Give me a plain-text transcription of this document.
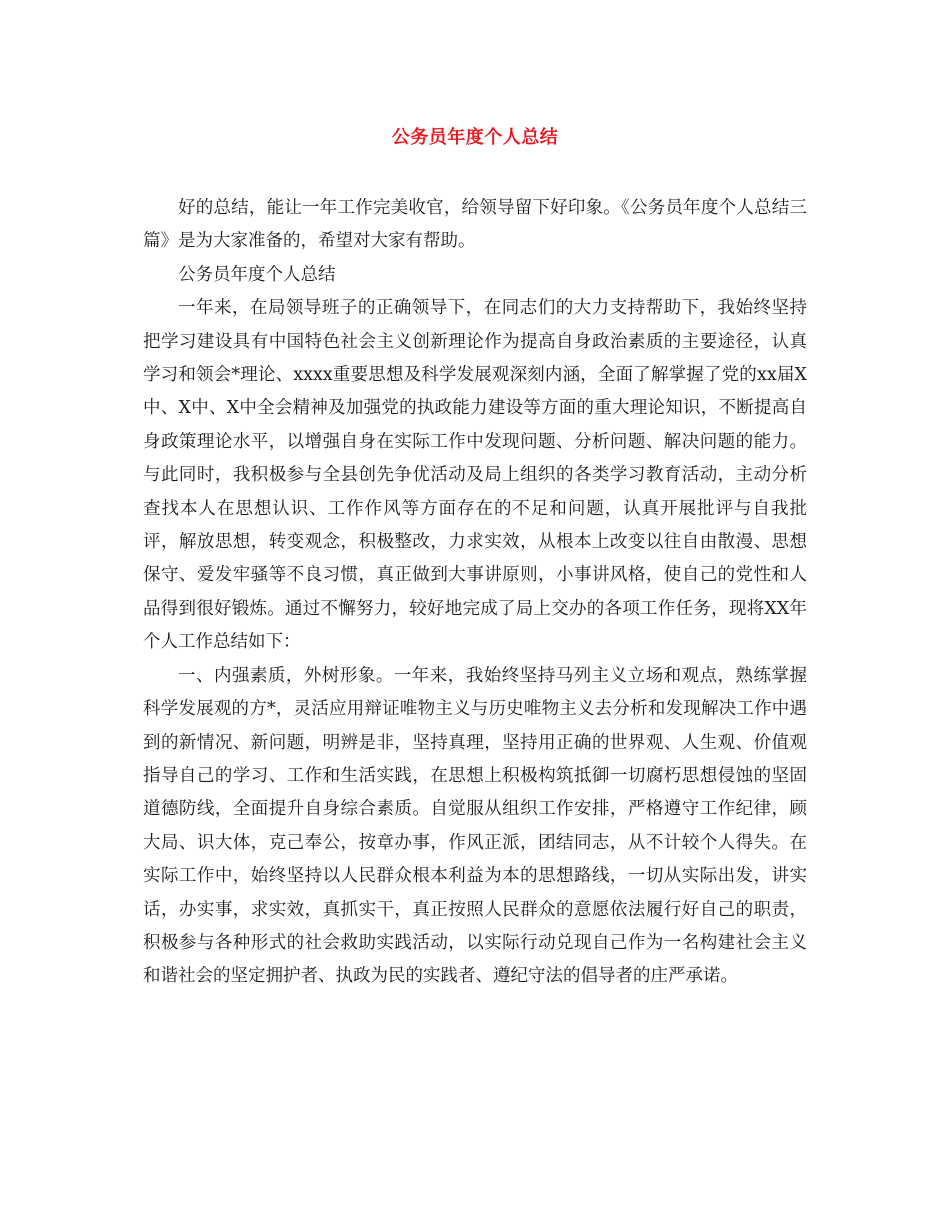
公务员年度个人总结

好的总结，能让一年工作完美收官，给领导留下好印象。《公务员年度个人总结三篇》是为大家准备的，希望对大家有帮助。

公务员年度个人总结

一年来，在局领导班子的正确领导下，在同志们的大力支持帮助下，我始终坚持把学习建设具有中国特色社会主义创新理论作为提高自身政治素质的主要途径，认真学习和领会*理论、xxxx重要思想及科学发展观深刻内涵，全面了解掌握了党的xx届X中、X中、X中全会精神及加强党的执政能力建设等方面的重大理论知识，不断提高自身政策理论水平，以增强自身在实际工作中发现问题、分析问题、解决问题的能力。与此同时，我积极参与全县创先争优活动及局上组织的各类学习教育活动，主动分析查找本人在思想认识、工作作风等方面存在的不足和问题，认真开展批评与自我批评，解放思想，转变观念，积极整改，力求实效，从根本上改变以往自由散漫、思想保守、爱发牢骚等不良习惯，真正做到大事讲原则，小事讲风格，使自己的党性和人品得到很好锻炼。通过不懈努力，较好地完成了局上交办的各项工作任务，现将XX年个人工作总结如下：

一、内强素质，外树形象。一年来，我始终坚持马列主义立场和观点，熟练掌握科学发展观的方*，灵活应用辩证唯物主义与历史唯物主义去分析和发现解决工作中遇到的新情况、新问题，明辨是非，坚持真理，坚持用正确的世界观、人生观、价值观指导自己的学习、工作和生活实践，在思想上积极构筑抵御一切腐朽思想侵蚀的坚固道德防线，全面提升自身综合素质。自觉服从组织工作安排，严格遵守工作纪律，顾大局、识大体，克己奉公，按章办事，作风正派，团结同志，从不计较个人得失。在实际工作中，始终坚持以人民群众根本利益为本的思想路线，一切从实际出发，讲实话，办实事，求实效，真抓实干，真正按照人民群众的意愿依法履行好自己的职责，积极参与各种形式的社会救助实践活动，以实际行动兑现自己作为一名构建社会主义和谐社会的坚定拥护者、执政为民的实践者、遵纪守法的倡导者的庄严承诺。
